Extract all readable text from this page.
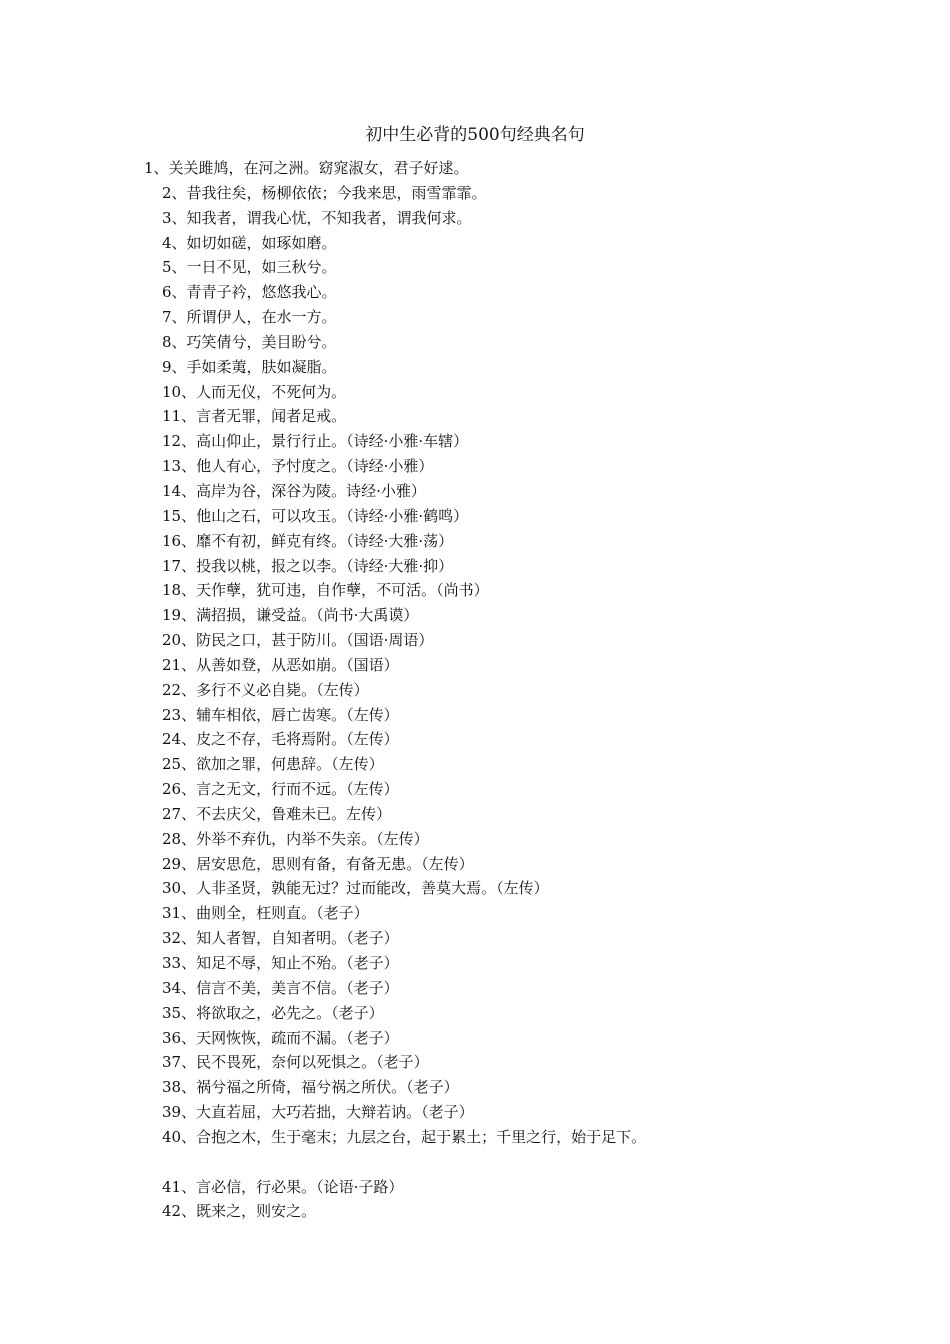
初中生必背的500句经典名句
1、关关雎鸠，在河之洲。窈窕淑女，君子好逑。
2、昔我往矣，杨柳依依；今我来思，雨雪霏霏。
3、知我者，谓我心忧，不知我者，谓我何求。
4、如切如磋，如琢如磨。
5、一日不见，如三秋兮。
6、青青子衿，悠悠我心。
7、所谓伊人，在水一方。
8、巧笑倩兮，美目盼兮。
9、手如柔荑，肤如凝脂。
10、人而无仪，不死何为。
11、言者无罪，闻者足戒。
12、高山仰止，景行行止。（诗经·小雅·车辖）
13、他人有心，予忖度之。（诗经·小雅）
14、高岸为谷，深谷为陵。诗经·小雅）
15、他山之石，可以攻玉。（诗经·小雅·鹤鸣）
16、靡不有初，鲜克有终。（诗经·大雅·荡）
17、投我以桃，报之以李。（诗经·大雅·抑）
18、天作孽，犹可违，自作孽，不可活。（尚书）
19、满招损，谦受益。（尚书·大禹谟）
20、防民之口，甚于防川。（国语·周语）
21、从善如登，从恶如崩。（国语）
22、多行不义必自毙。（左传）
23、辅车相依，唇亡齿寒。（左传）
24、皮之不存，毛将焉附。（左传）
25、欲加之罪，何患辞。（左传）
26、言之无文，行而不远。（左传）
27、不去庆父，鲁难未已。左传）
28、外举不弃仇，内举不失亲。（左传）
29、居安思危，思则有备，有备无患。（左传）
30、人非圣贤，孰能无过？过而能改，善莫大焉。（左传）
31、曲则全，枉则直。（老子）
32、知人者智，自知者明。（老子）
33、知足不辱，知止不殆。（老子）
34、信言不美，美言不信。（老子）
35、将欲取之，必先之。（老子）
36、天网恢恢，疏而不漏。（老子）
37、民不畏死，奈何以死惧之。（老子）
38、祸兮福之所倚，福兮祸之所伏。（老子）
39、大直若屈，大巧若拙，大辩若讷。（老子）
40、合抱之木，生于毫末；九层之台，起于累土；千里之行，始于足下。
41、言必信，行必果。（论语·子路）
42、既来之，则安之。
